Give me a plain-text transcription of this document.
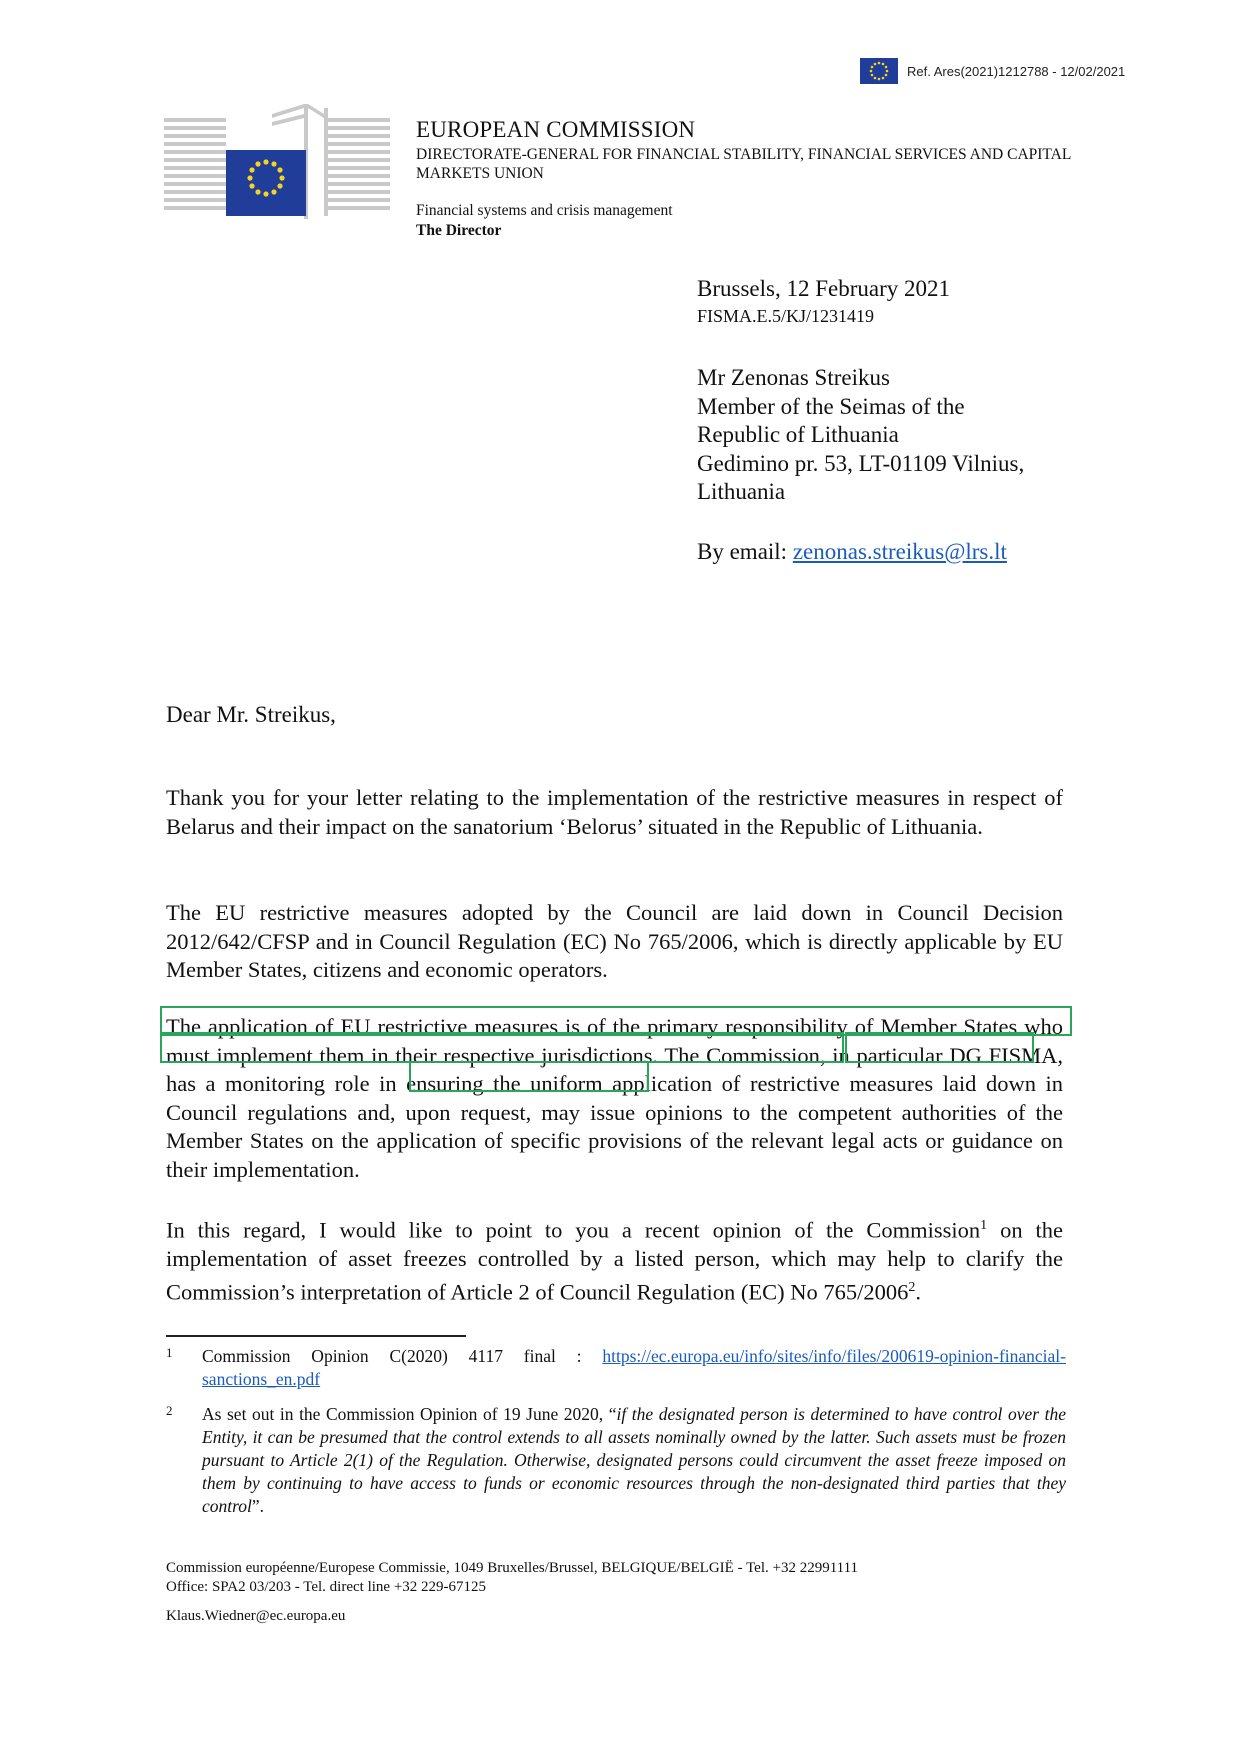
Ref. Ares(2021)1212788 - 12/02/2021
EUROPEAN COMMISSION
DIRECTORATE-GENERAL FOR FINANCIAL STABILITY, FINANCIAL SERVICES AND CAPITAL
MARKETS UNION
Financial systems and crisis management
The Director
Brussels, 12 February 2021
FISMA.E.5/KJ/1231419
Mr Zenonas Streikus
Member of the Seimas of the
Republic of Lithuania
Gedimino pr. 53, LT-01109 Vilnius,
Lithuania
By email: zenonas.streikus@lrs.lt
Dear Mr. Streikus,
Thank you for your letter relating to the implementation of the restrictive measures in respect of Belarus and their impact on the sanatorium ‘Belorus’ situated in the Republic of Lithuania.
The EU restrictive measures adopted by the Council are laid down in Council Decision 2012/642/CFSP and in Council Regulation (EC) No 765/2006, which is directly applicable by EU Member States, citizens and economic operators.
The application of EU restrictive measures is of the primary responsibility of Member States who must implement them in their respective jurisdictions. The Commission, in particular DG FISMA, has a monitoring role in ensuring the uniform application of restrictive measures laid down in Council regulations and, upon request, may issue opinions to the competent authorities of the Member States on the application of specific provisions of the relevant legal acts or guidance on their implementation.
In this regard, I would like to point to you a recent opinion of the Commission$^1$ on the implementation of asset freezes controlled by a listed person, which may help to clarify the Commission’s interpretation of Article 2 of Council Regulation (EC) No 765/2006$^2$.
1 Commission Opinion C(2020) 4117 final : https://ec.europa.eu/info/sites/info/files/200619-opinion-financial-sanctions_en.pdf
2 As set out in the Commission Opinion of 19 June 2020, “if the designated person is determined to have control over the Entity, it can be presumed that the control extends to all assets nominally owned by the latter. Such assets must be frozen pursuant to Article 2(1) of the Regulation. Otherwise, designated persons could circumvent the asset freeze imposed on them by continuing to have access to funds or economic resources through the non-designated third parties that they control”.
Commission européenne/Europese Commissie, 1049 Bruxelles/Brussel, BELGIQUE/BELGIË - Tel. +32 22991111
Office: SPA2 03/203 - Tel. direct line +32 229-67125
Klaus.Wiedner@ec.europa.eu
